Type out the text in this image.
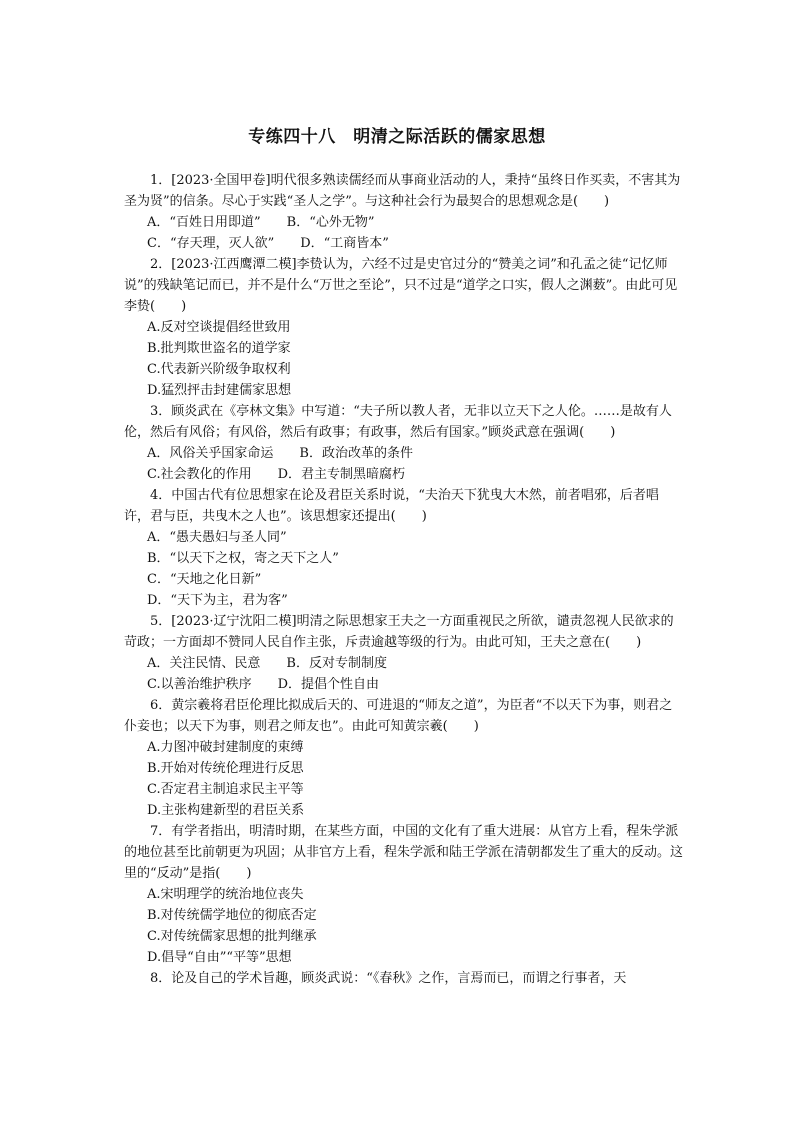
专练四十八　明清之际活跃的儒家思想

1．[2023·全国甲卷]明代很多熟读儒经而从事商业活动的人，秉持“虽终日作买卖，不害其为圣为贤”的信条。尽心于实践“圣人之学”。与这种社会行为最契合的思想观念是(　　)

A．“百姓日用即道”　　B．“心外无物”

C．“存天理，灭人欲”　　D．“工商皆本”

2．[2023·江西鹰潭二模]李贽认为，六经不过是史官过分的“赞美之词”和孔孟之徒“记忆师说”的残缺笔记而已，并不是什么“万世之至论”，只不过是“道学之口实，假人之渊薮”。由此可见李贽(　　)

A.反对空谈提倡经世致用

B.批判欺世盗名的道学家

C.代表新兴阶级争取权利

D.猛烈抨击封建儒家思想

3．顾炎武在《亭林文集》中写道：“夫子所以教人者，无非以立天下之人伦。……是故有人伦，然后有风俗；有风俗，然后有政事；有政事，然后有国家。”顾炎武意在强调(　　)

A．风俗关乎国家命运　　B．政治改革的条件

C.社会教化的作用　　D．君主专制黑暗腐朽

4．中国古代有位思想家在论及君臣关系时说，“夫治天下犹曳大木然，前者唱邪，后者唱许，君与臣，共曳木之人也”。该思想家还提出(　　)

A．“愚夫愚妇与圣人同”

B．“以天下之权，寄之天下之人”

C．“天地之化日新”

D．“天下为主，君为客”

5．[2023·辽宁沈阳二模]明清之际思想家王夫之一方面重视民之所欲，谴责忽视人民欲求的苛政；一方面却不赞同人民自作主张，斥责逾越等级的行为。由此可知，王夫之意在(　　)

A．关注民情、民意　　B．反对专制制度

C.以善治维护秩序　　D．提倡个性自由

6．黄宗羲将君臣伦理比拟成后天的、可进退的“师友之道”，为臣者“不以天下为事，则君之仆妾也；以天下为事，则君之师友也”。由此可知黄宗羲(　　)

A.力图冲破封建制度的束缚

B.开始对传统伦理进行反思

C.否定君主制追求民主平等

D.主张构建新型的君臣关系

7．有学者指出，明清时期，在某些方面，中国的文化有了重大进展：从官方上看，程朱学派的地位甚至比前朝更为巩固；从非官方上看，程朱学派和陆王学派在清朝都发生了重大的反动。这里的“反动”是指(　　)

A.宋明理学的统治地位丧失

B.对传统儒学地位的彻底否定

C.对传统儒家思想的批判继承

D.倡导“自由”“平等”思想

8．论及自己的学术旨趣，顾炎武说：“《春秋》之作，言焉而已，而谓之行事者，天
